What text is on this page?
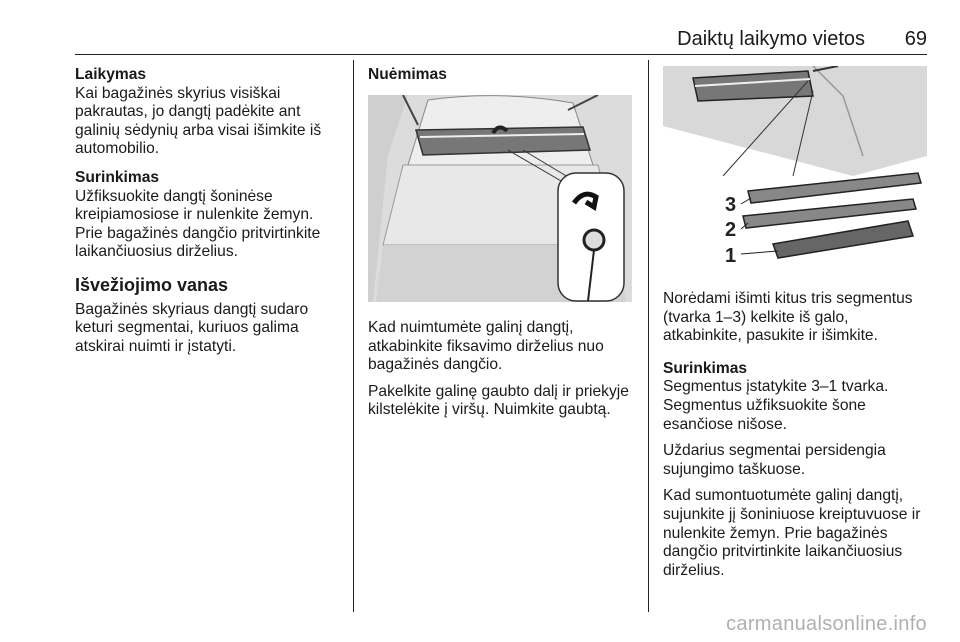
Daiktų laikymo vietos 69
Laikymas

Kai bagažinės skyrius visiškai pakrautas, jo dangtį padėkite ant galinių sėdynių arba visai išimkite iš automobilio.

Surinkimas

Užfiksuokite dangtį šoninėse kreipiamosiose ir nulenkite žemyn. Prie bagažinės dangčio pritvirtinkite laikančiuosius dirželius.

Išvežiojimo vanas

Bagažinės skyriaus dangtį sudaro keturi segmentai, kuriuos galima atskirai nuimti ir įstatyti.

Nuėmimas

Kad nuimtumėte galinį dangtį, atkabinkite fiksavimo dirželius nuo bagažinės dangčio.

Pakelkite galinę gaubto dalį ir priekyje kilstelėkite į viršų. Nuimkite gaubtą.

3
2
1

Norėdami išimti kitus tris segmentus (tvarka 1–3) kelkite iš galo, atkabinkite, pasukite ir išimkite.

Surinkimas

Segmentus įstatykite 3–1 tvarka. Segmentus užfiksuokite šone esančiose nišose.

Uždarius segmentai persidengia sujungimo taškuose.

Kad sumontuotumėte galinį dangtį, sujunkite jį šoniniuose kreiptuvuose ir nulenkite žemyn. Prie bagažinės dangčio pritvirtinkite laikančiuosius dirželius.

carmanualsonline.info
